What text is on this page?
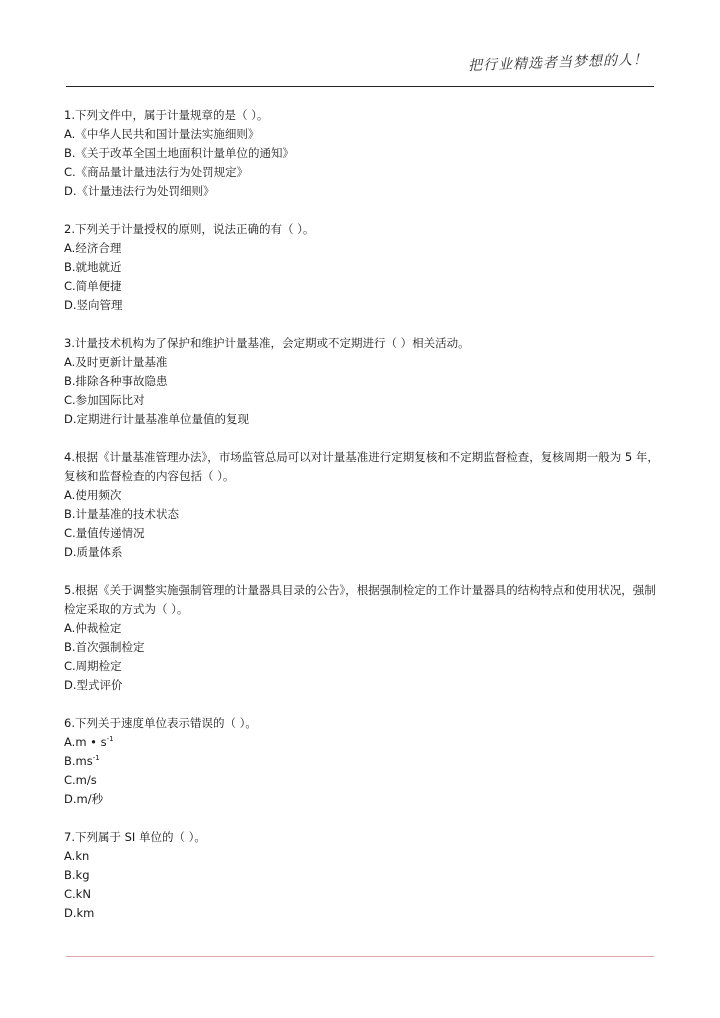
把行业精选者当梦想的人！

1.下列文件中，属于计量规章的是（ ）。

A.《中华人民共和国计量法实施细则》

B.《关于改革全国土地面积计量单位的通知》

C.《商品量计量违法行为处罚规定》

D.《计量违法行为处罚细则》

2.下列关于计量授权的原则，说法正确的有（ ）。

A.经济合理

B.就地就近

C.简单便捷

D.竖向管理

3.计量技术机构为了保护和维护计量基准，会定期或不定期进行（ ）相关活动。

A.及时更新计量基准

B.排除各种事故隐患

C.参加国际比对

D.定期进行计量基准单位量值的复现

4.根据《计量基准管理办法》，市场监管总局可以对计量基准进行定期复核和不定期监督检查，复核周期一般为 5 年，复核和监督检查的内容包括（ ）。

A.使用频次

B.计量基准的技术状态

C.量值传递情况

D.质量体系

5.根据《关于调整实施强制管理的计量器具目录的公告》，根据强制检定的工作计量器具的结构特点和使用状况，强制检定采取的方式为（ ）。

A.仲裁检定

B.首次强制检定

C.周期检定

D.型式评价

6.下列关于速度单位表示错误的（ ）。

A.m • $s^{-1}$

$B.ms^{-1}$

C.m/s

D.m/秒

7.下列属于 SI 单位的（ ）。

A.kn

B.kg

C.kN

D.km
